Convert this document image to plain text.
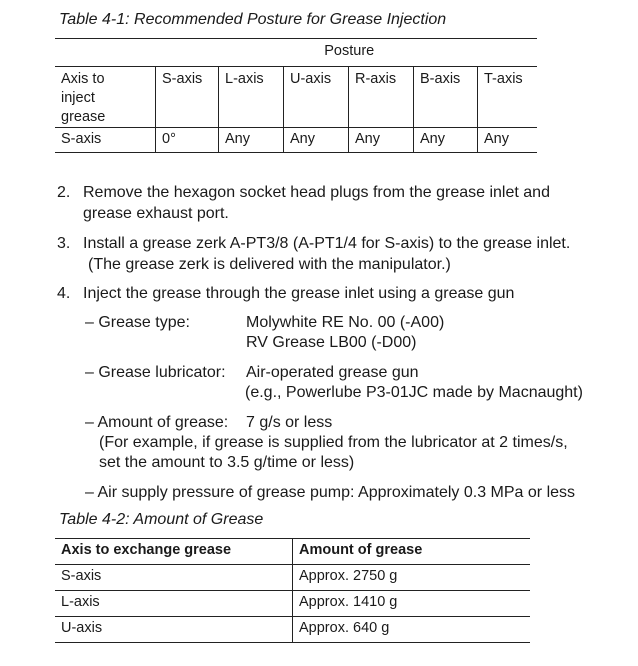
Table 4-1: Recommended Posture for Grease Injection
	Posture					
Axis to
inject
grease	S-axis	L-axis	U-axis	R-axis	B-axis	T-axis
S-axis	0°	Any	Any	Any	Any	Any
2. Remove the hexagon socket head plugs from the grease inlet and
grease exhaust port.
3. Install a grease zerk A-PT3/8 (A-PT1/4 for S-axis) to the grease inlet.
(The grease zerk is delivered with the manipulator.)
4. Inject the grease through the grease inlet using a grease gun
– Grease type:	Molywhite RE No. 00 (-A00)
RV Grease LB00 (-D00)
– Grease lubricator: Air-operated grease gun
(e.g., Powerlube P3-01JC made by Macnaught)
– Amount of grease: 7 g/s or less
(For example, if grease is supplied from the lubricator at 2 times/s,
set the amount to 3.5 g/time or less)
– Air supply pressure of grease pump: Approximately 0.3 MPa or less
Table 4-2: Amount of Grease
Axis to exchange grease	Amount of grease
S-axis	Approx. 2750 g
L-axis	Approx. 1410 g
U-axis	Approx. 640 g
